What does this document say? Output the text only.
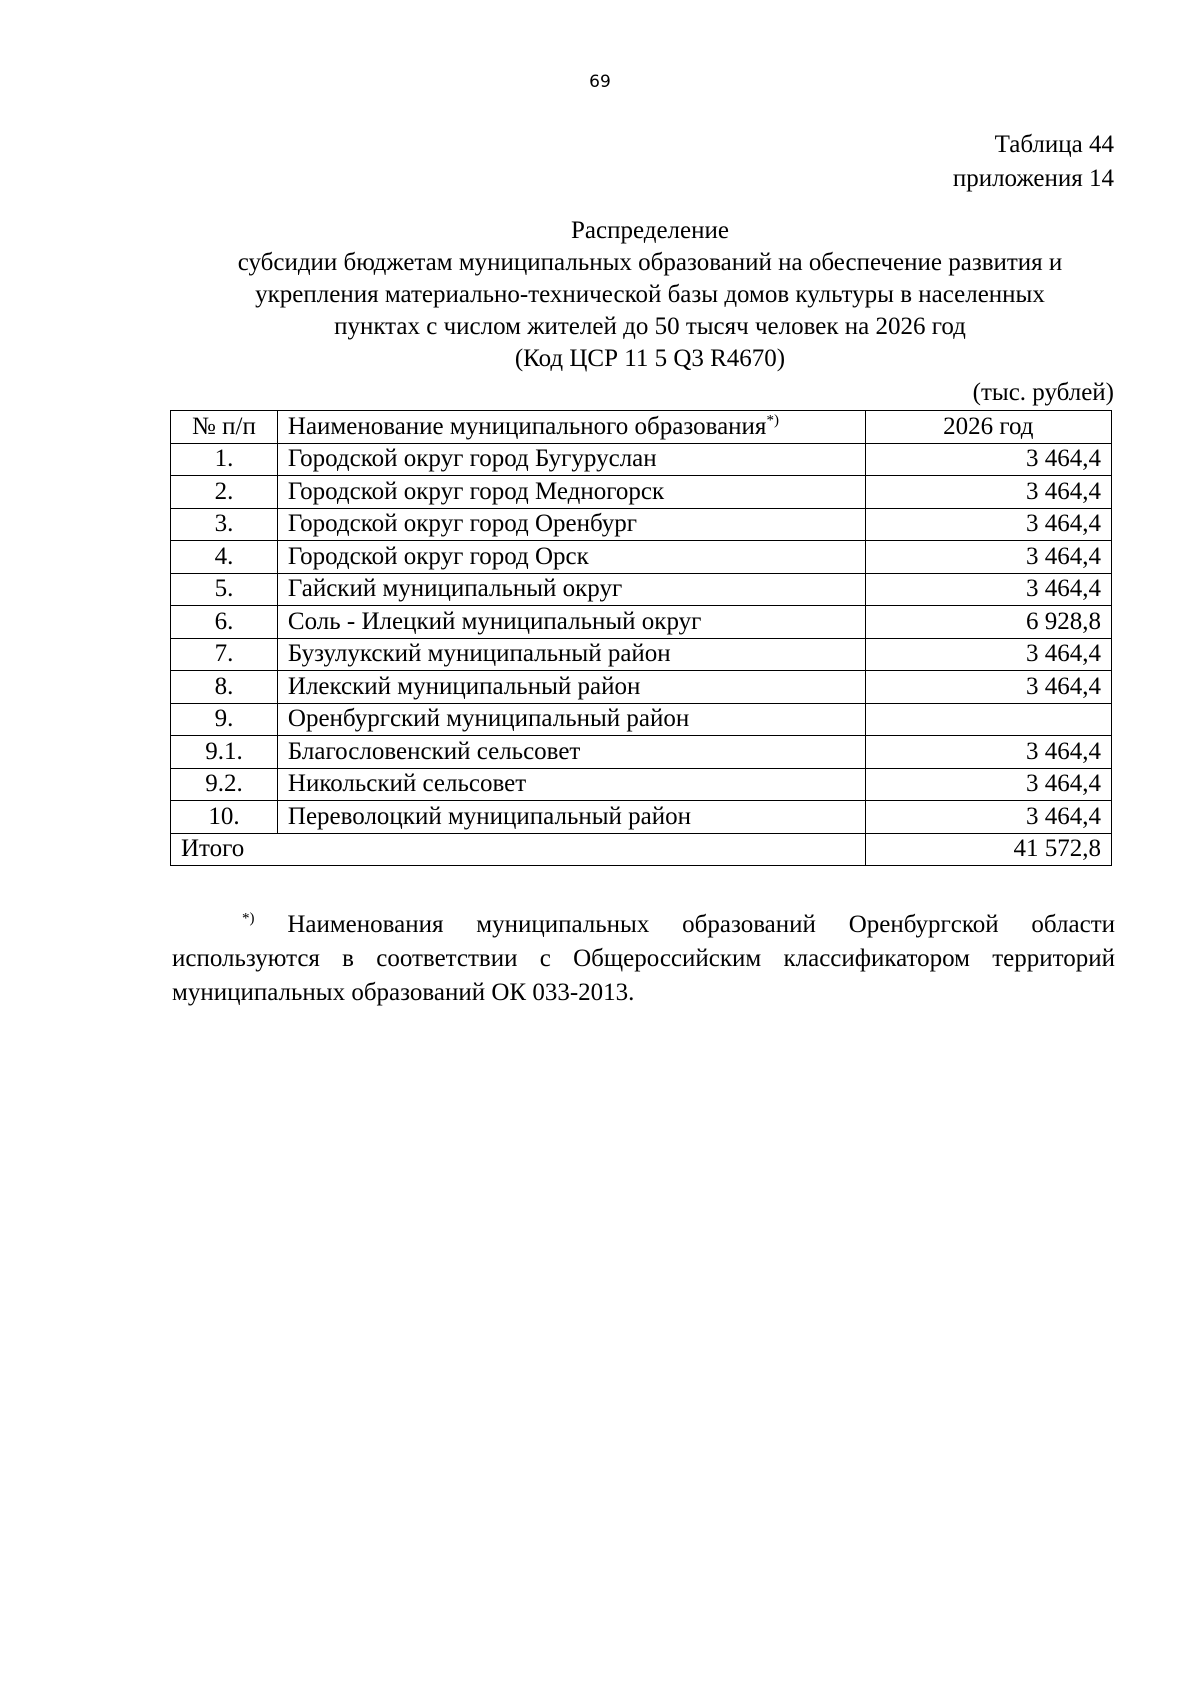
69
Таблица 44
приложения 14
Распределение
субсидии бюджетам муниципальных образований на обеспечение развития и
укрепления материально-технической базы домов культуры в населенных
пунктах с числом жителей до 50 тысяч человек на 2026 год
(Код ЦСР 11 5 Q3 R4670)
(тыс. рублей)
№ п/п	Наименование муниципального образования*)	2026 год
1.	Городской округ город Бугуруслан	3 464,4
2.	Городской округ город Медногорск	3 464,4
3.	Городской округ город Оренбург	3 464,4
4.	Городской округ город Орск	3 464,4
5.	Гайский муниципальный округ	3 464,4
6.	Соль - Илецкий муниципальный округ	6 928,8
7.	Бузулукский муниципальный район	3 464,4
8.	Илекский муниципальный район	3 464,4
9.	Оренбургский муниципальный район	
9.1.	Благословенский сельсовет	3 464,4
9.2.	Никольский сельсовет	3 464,4
10.	Переволоцкий муниципальный район	3 464,4
Итого		41 572,8
*) Наименования муниципальных образований Оренбургской области используются в соответствии с Общероссийским классификатором территорий муниципальных образований ОК 033-2013.
